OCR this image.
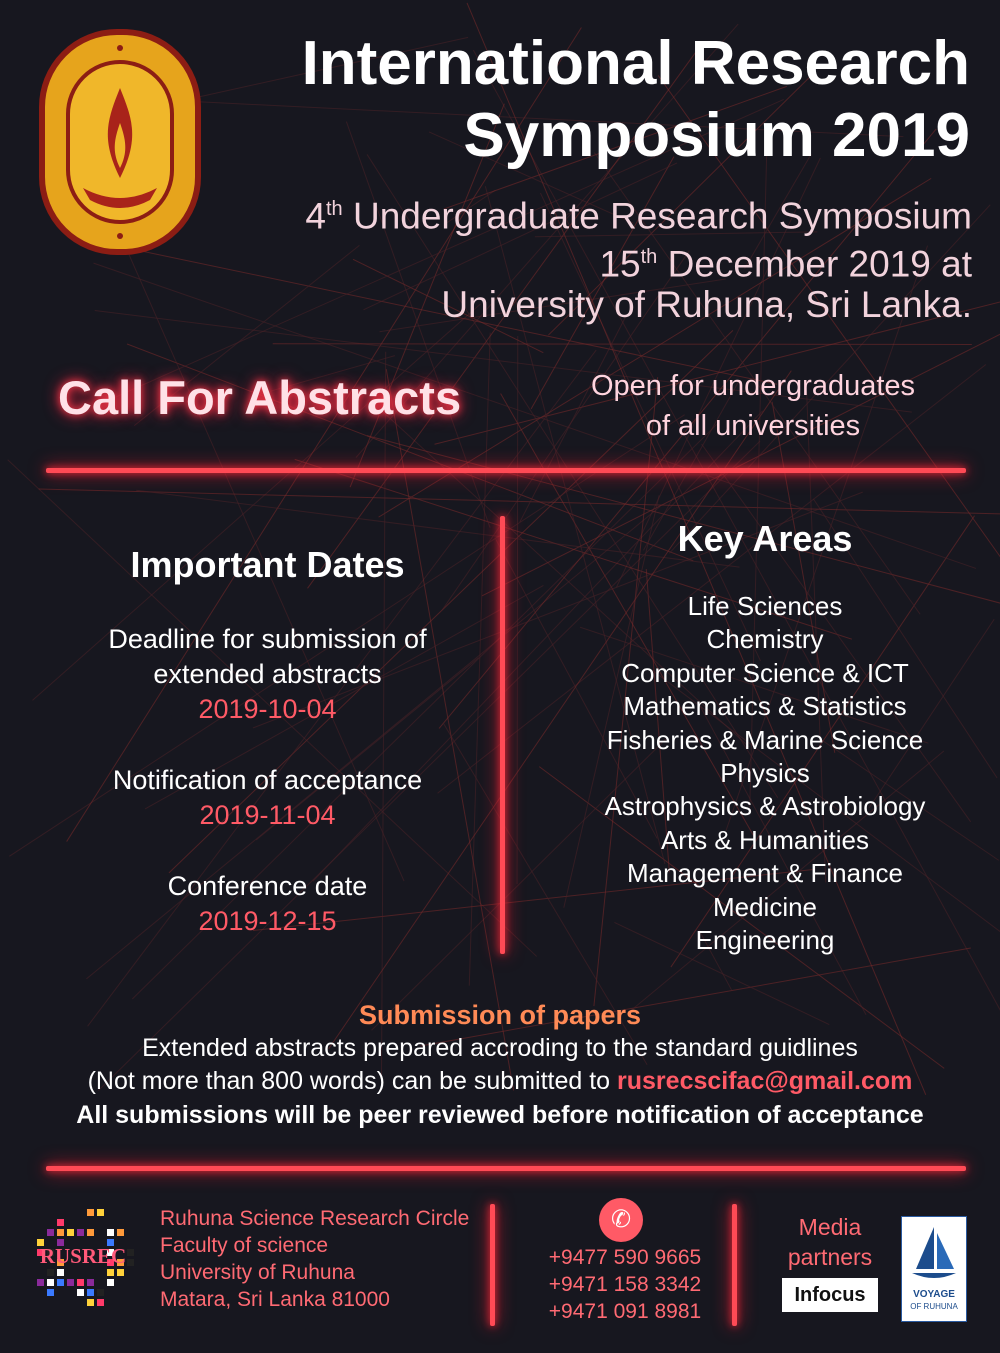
International Research
Symposium 2019
4th Undergraduate Research Symposium
15th December 2019 at
University of Ruhuna, Sri Lanka.
Call For Abstracts	Open for undergraduates
of all universities
Important Dates
Deadline for submission of
extended abstracts
2019-10-04
Notification of acceptance
2019-11-04
Conference date
2019-12-15
Key Areas
Life Sciences
Chemistry
Computer Science & ICT
Mathematics & Statistics
Fisheries & Marine Science
Physics
Astrophysics & Astrobiology
Arts & Humanities
Management & Finance
Medicine
Engineering
Submission of papers
Extended abstracts prepared accroding to the standard guidlines
(Not more than 800 words) can be submitted to rusrecscifac@gmail.com
All submissions will be peer reviewed before notification of acceptance
RUSREC
Ruhuna Science Research Circle
Faculty of science
University of Ruhuna
Matara, Sri Lanka 81000
✆
+9477 590 9665
+9471 158 3342
+9471 091 8981
Media
partners
Infocus	VOYAGE
OF RUHUNA
